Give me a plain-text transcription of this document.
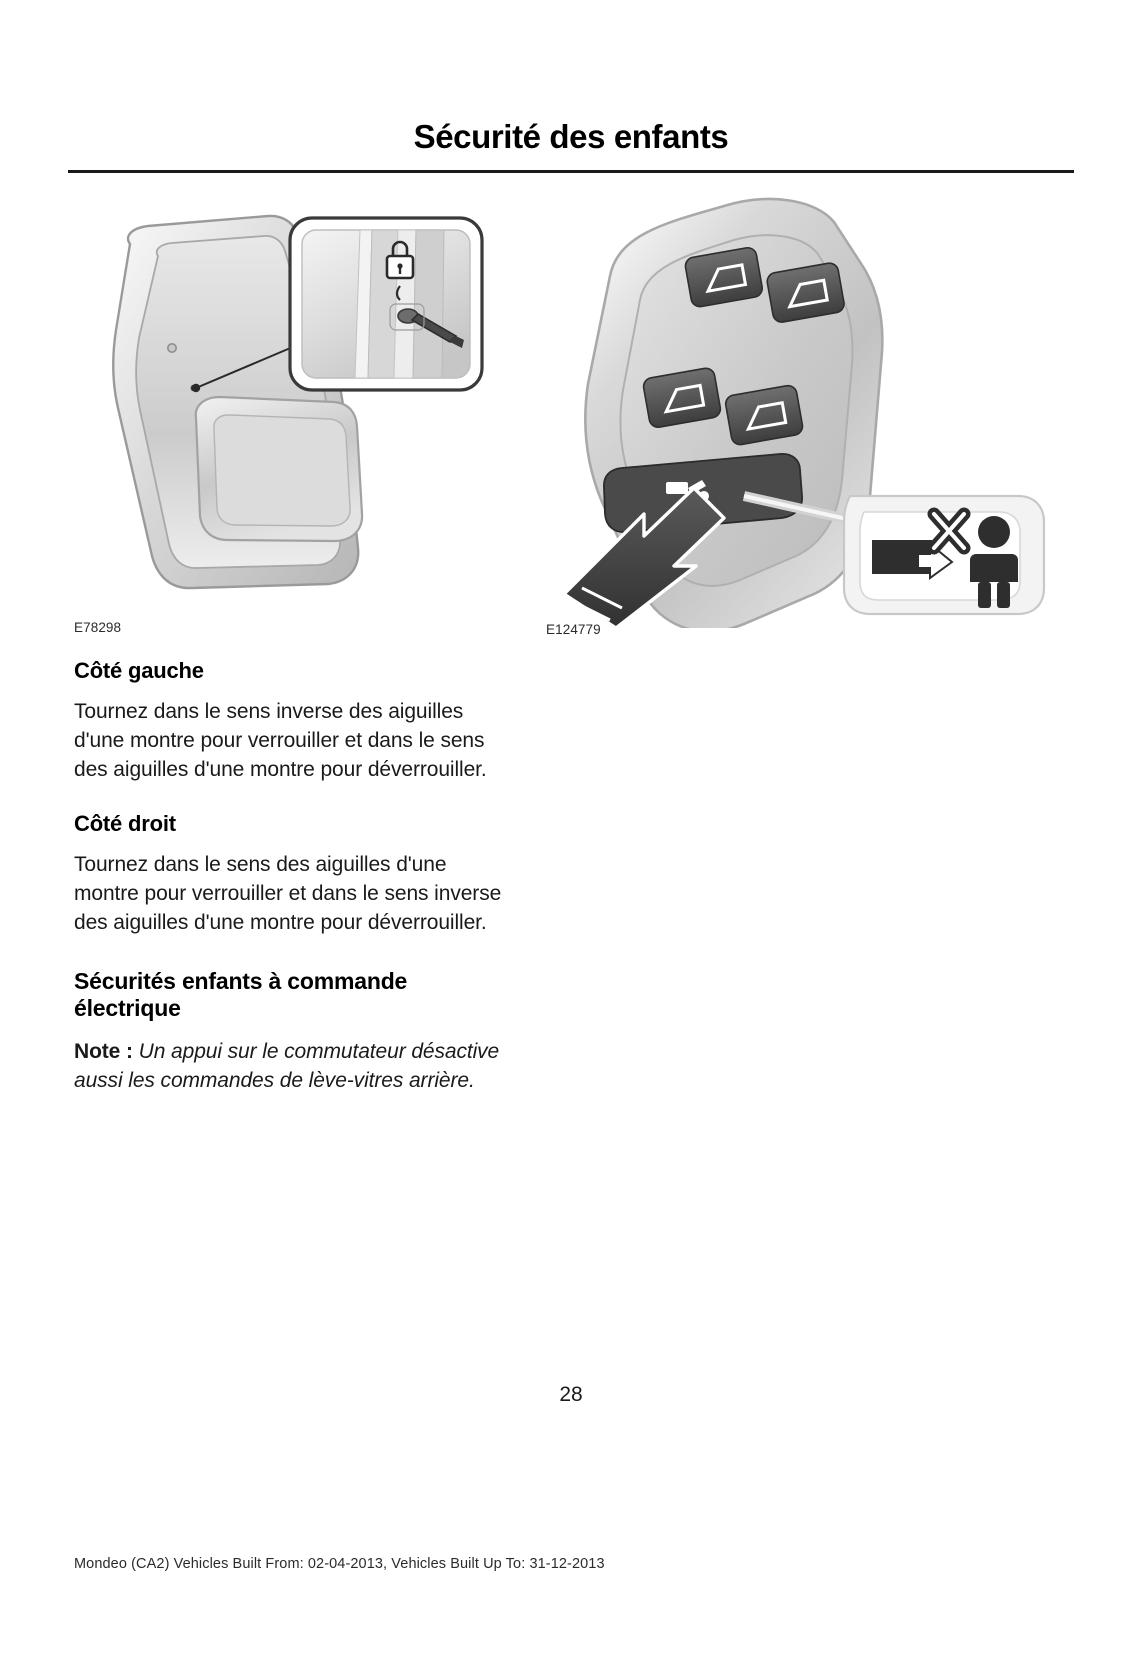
Sécurité des enfants
E78298	E124779
Côté gauche

Tournez dans le sens inverse des aiguilles d'une montre pour verrouiller et dans le sens des aiguilles d'une montre pour déverrouiller.

Côté droit

Tournez dans le sens des aiguilles d'une montre pour verrouiller et dans le sens inverse des aiguilles d'une montre pour déverrouiller.

Sécurités enfants à commande électrique

Note : Un appui sur le commutateur désactive aussi les commandes de lève-vitres arrière.

28
Mondeo (CA2) Vehicles Built From: 02-04-2013, Vehicles Built Up To: 31-12-2013
